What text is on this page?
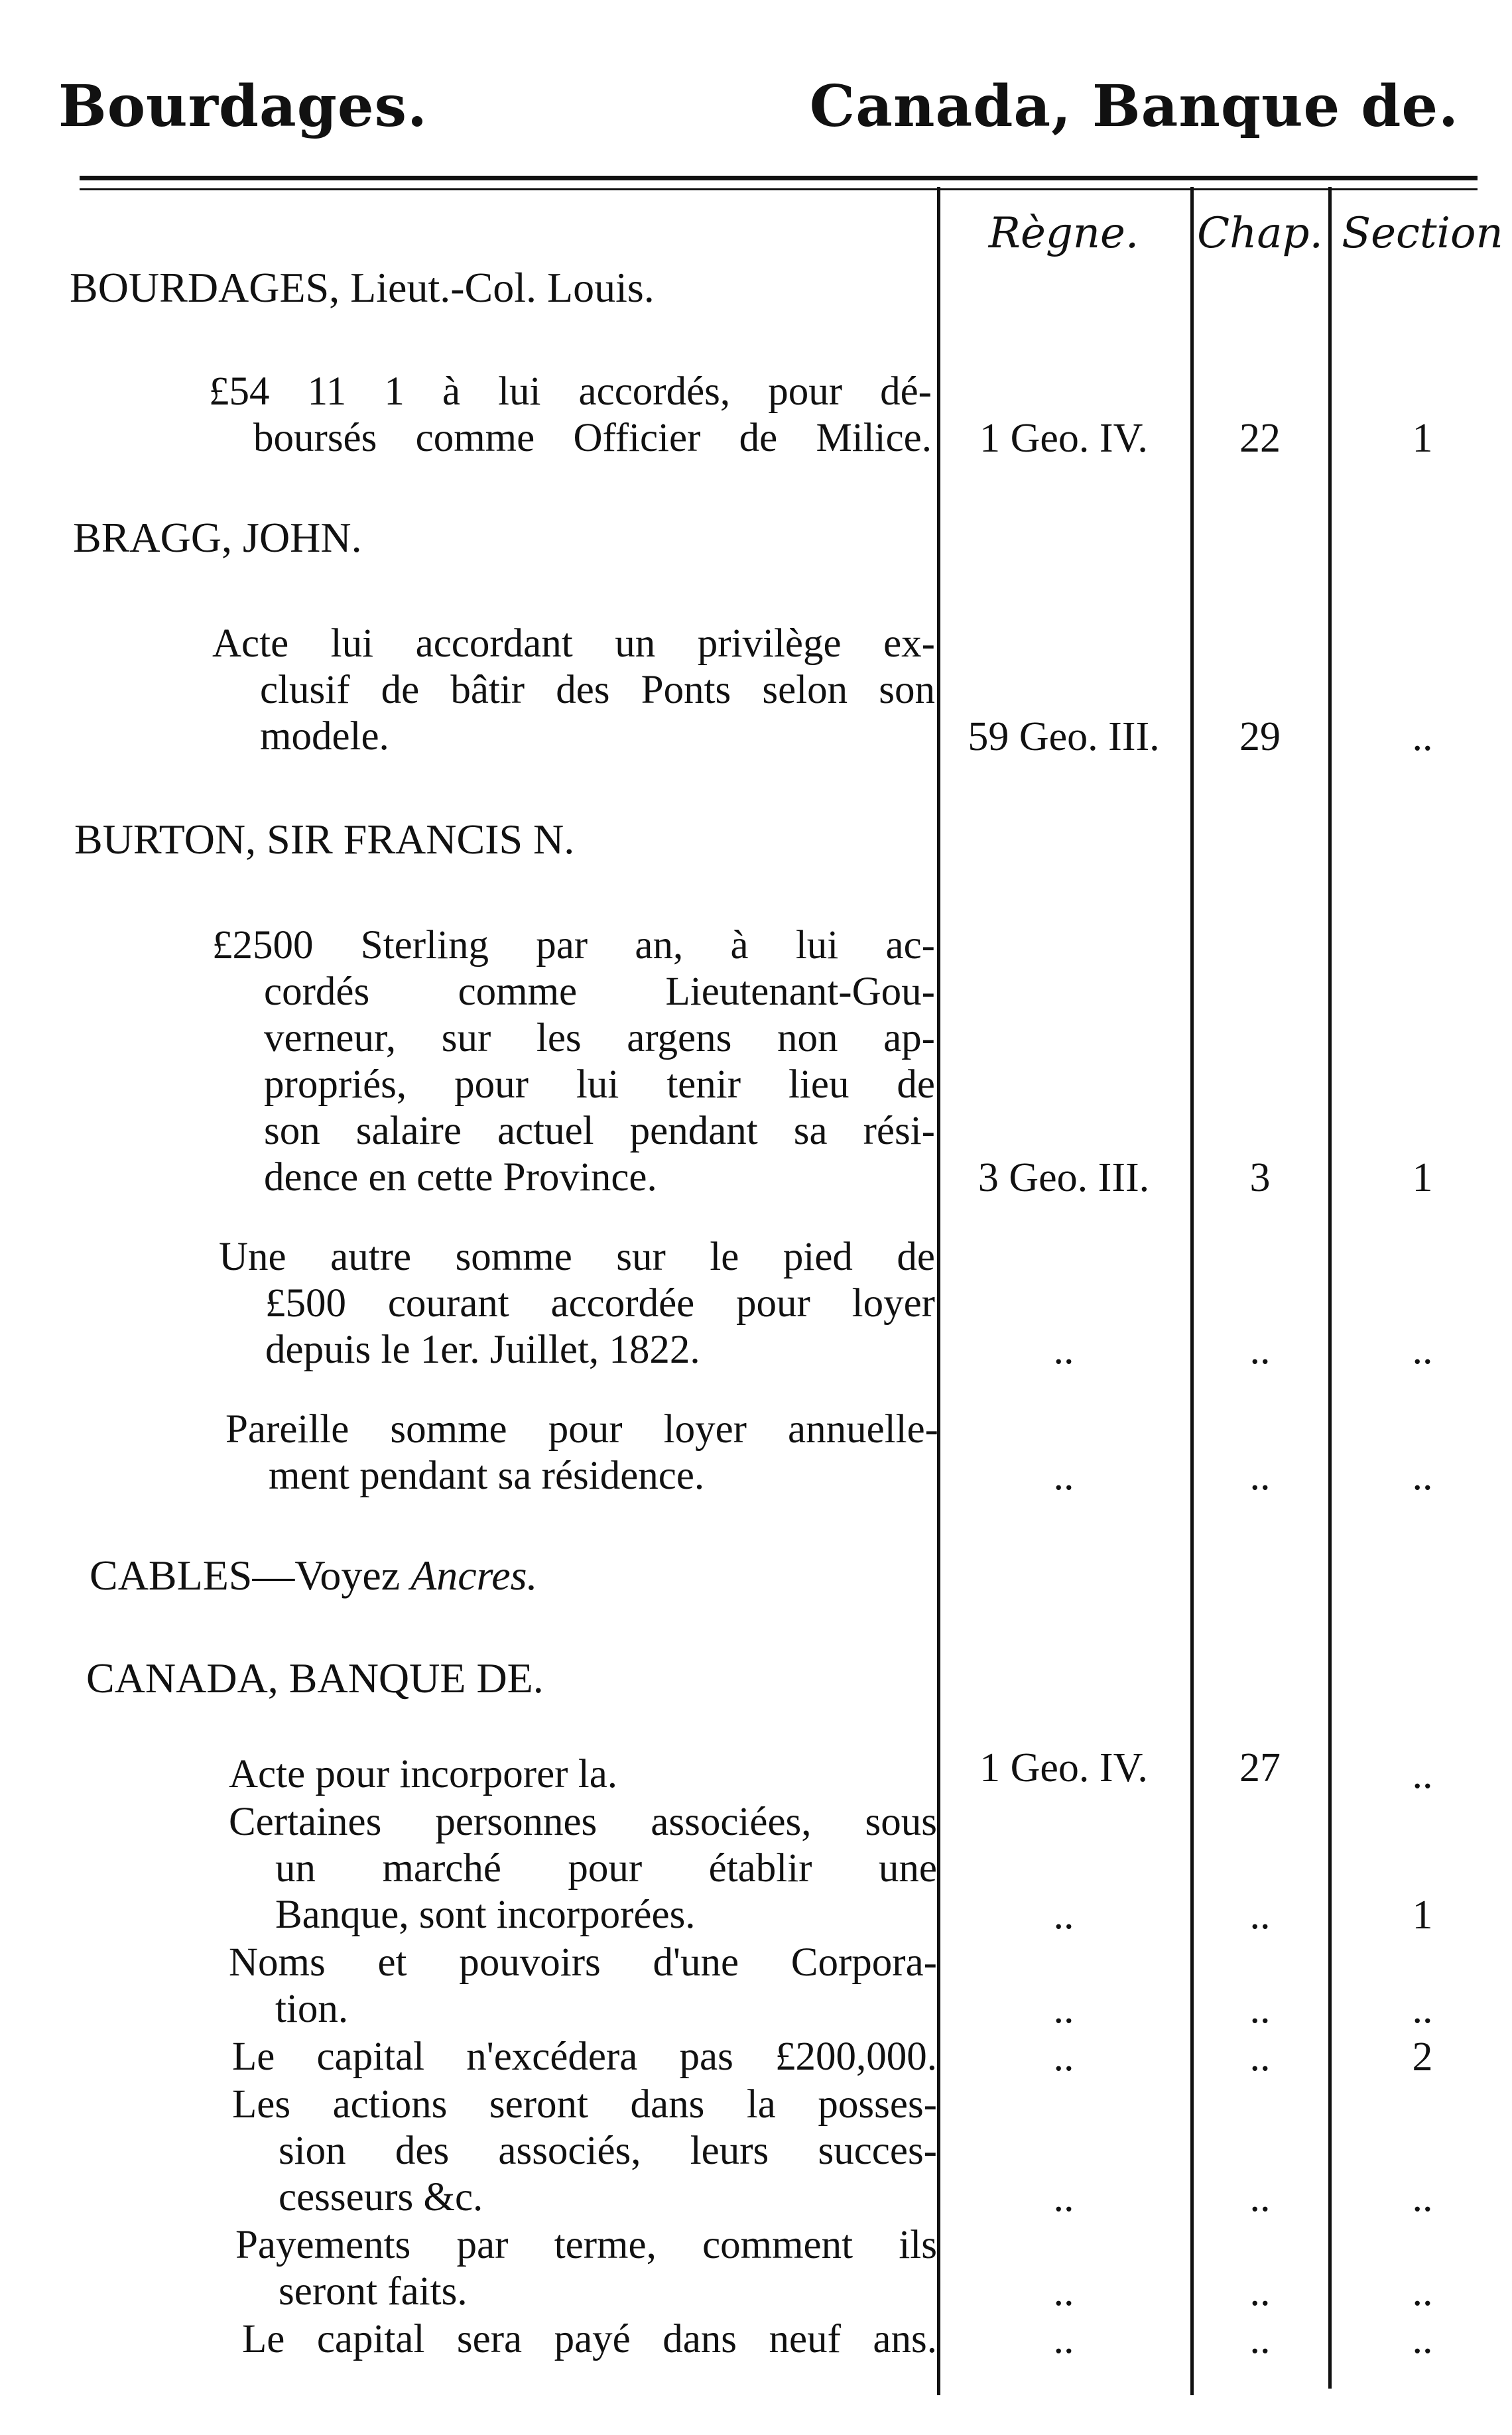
Bourdages.	Canada, Banque de.
Règne.	Chap. Section
BOURDAGES, Lieut.-Col. Louis.
£54 11 1 à lui accordés, pour dé-
boursés comme Officier de Milice.	1 Geo. IV.	22	1
BRAGG, JOHN.
Acte lui accordant un privilège ex-
clusif de bâtir des Ponts selon son
modele.	59 Geo. III.	29	..
BURTON, SIR FRANCIS N.
£2500 Sterling par an, à lui ac-
cordés comme Lieutenant-Gou-
verneur, sur les argens non ap-
propriés, pour lui tenir lieu de
son salaire actuel pendant sa rési-
dence en cette Province.	3 Geo. III.	3	1
Une autre somme sur le pied de
£500 courant accordée pour loyer
depuis le 1er. Juillet, 1822.	..	..	..
Pareille somme pour loyer annuelle-
ment pendant sa résidence.	..	..	..
CABLES—Voyez Ancres.
CANADA, BANQUE DE.
Acte pour incorporer la.	1 Geo. IV.	27	..
Certaines personnes associées, sous
un marché pour établir une
Banque, sont incorporées.	..	..	1
Noms et pouvoirs d'une Corpora-
tion.	..	..	..
Le capital n'excédera pas £200,000.	..	..	2
Les actions seront dans la posses-
sion des associés, leurs succes-
cesseurs &c.	..	..	..
Payements par terme, comment ils
seront faits.	..	..	..
Le capital sera payé dans neuf ans.	..	..	..
